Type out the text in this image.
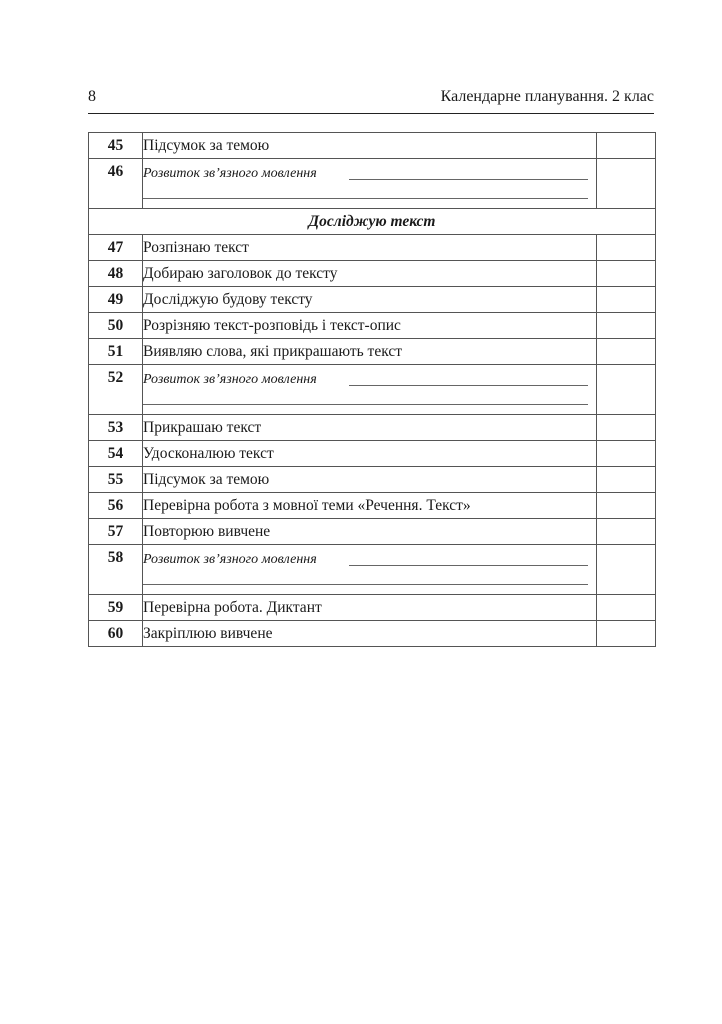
8	Календарне планування. 2 клас
45	Підсумок за темою	
46	Розвиток зв’язного мовлення	

Досліджую текст		
47	Розпізнаю текст	
48	Добираю заголовок до тексту	
49	Досліджую будову тексту	
50	Розрізняю текст-розповідь і текст-опис	
51	Виявляю слова, які прикрашають текст	
52	Розвиток зв’язного мовлення	

53	Прикрашаю текст	
54	Удосконалюю текст	
55	Підсумок за темою	
56	Перевірна робота з мовної теми «Речення. Текст»	
57	Повторюю вивчене	
58	Розвиток зв’язного мовлення	

59	Перевірна робота. Диктант	
60	Закріплюю вивчене	
